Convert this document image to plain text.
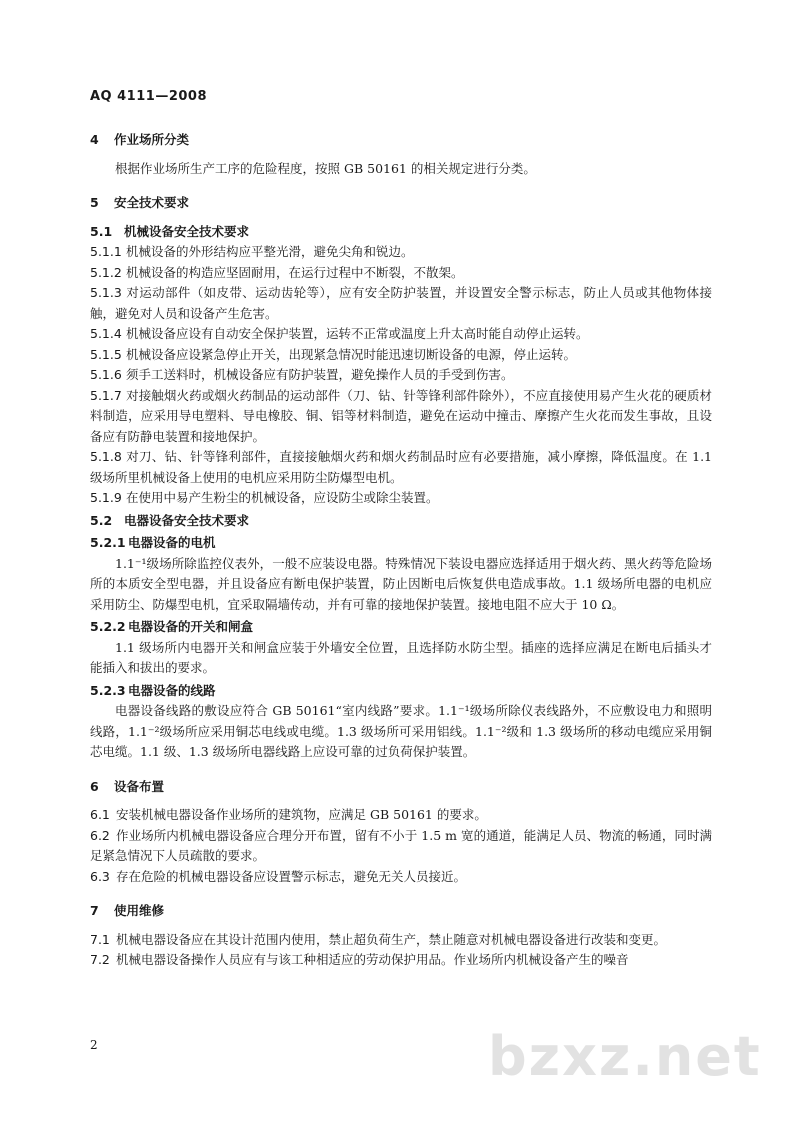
AQ 4111—2008
4 作业场所分类
根据作业场所生产工序的危险程度，按照 GB 50161 的相关规定进行分类。
5 安全技术要求
5.1 机械设备安全技术要求
5.1.1 机械设备的外形结构应平整光滑，避免尖角和锐边。
5.1.2 机械设备的构造应坚固耐用，在运行过程中不断裂，不散架。
5.1.3 对运动部件（如皮带、运动齿轮等），应有安全防护装置，并设置安全警示标志，防止人员或其他物体接触，避免对人员和设备产生危害。
5.1.4 机械设备应设有自动安全保护装置，运转不正常或温度上升太高时能自动停止运转。
5.1.5 机械设备应设紧急停止开关，出现紧急情况时能迅速切断设备的电源，停止运转。
5.1.6 须手工送料时，机械设备应有防护装置，避免操作人员的手受到伤害。
5.1.7 对接触烟火药或烟火药制品的运动部件（刀、钻、针等锋利部件除外），不应直接使用易产生火花的硬质材料制造，应采用导电塑料、导电橡胶、铜、铝等材料制造，避免在运动中撞击、摩擦产生火花而发生事故，且设备应有防静电装置和接地保护。
5.1.8 对刀、钻、针等锋利部件，直接接触烟火药和烟火药制品时应有必要措施，减小摩擦，降低温度。在 1.1 级场所里机械设备上使用的电机应采用防尘防爆型电机。
5.1.9 在使用中易产生粉尘的机械设备，应设防尘或除尘装置。
5.2 电器设备安全技术要求
5.2.1 电器设备的电机
1.1⁻¹级场所除监控仪表外，一般不应装设电器。特殊情况下装设电器应选择适用于烟火药、黑火药等危险场所的本质安全型电器，并且设备应有断电保护装置，防止因断电后恢复供电造成事故。1.1 级场所电器的电机应采用防尘、防爆型电机，宜采取隔墙传动，并有可靠的接地保护装置。接地电阻不应大于 10 Ω。
5.2.2 电器设备的开关和闸盒
1.1 级场所内电器开关和闸盒应装于外墙安全位置，且选择防水防尘型。插座的选择应满足在断电后插头才能插入和拔出的要求。
5.2.3 电器设备的线路
电器设备线路的敷设应符合 GB 50161“室内线路”要求。1.1⁻¹级场所除仪表线路外，不应敷设电力和照明线路，1.1⁻²级场所应采用铜芯电线或电缆。1.3 级场所可采用铝线。1.1⁻²级和 1.3 级场所的移动电缆应采用铜芯电缆。1.1 级、1.3 级场所电器线路上应设可靠的过负荷保护装置。
6 设备布置
6.1 安装机械电器设备作业场所的建筑物，应满足 GB 50161 的要求。
6.2 作业场所内机械电器设备应合理分开布置，留有不小于 1.5 m 宽的通道，能满足人员、物流的畅通，同时满足紧急情况下人员疏散的要求。
6.3 存在危险的机械电器设备应设置警示标志，避免无关人员接近。
7 使用维修
7.1 机械电器设备应在其设计范围内使用，禁止超负荷生产，禁止随意对机械电器设备进行改装和变更。
7.2 机械电器设备操作人员应有与该工种相适应的劳动保护用品。作业场所内机械设备产生的噪音
2	bzxz.net
